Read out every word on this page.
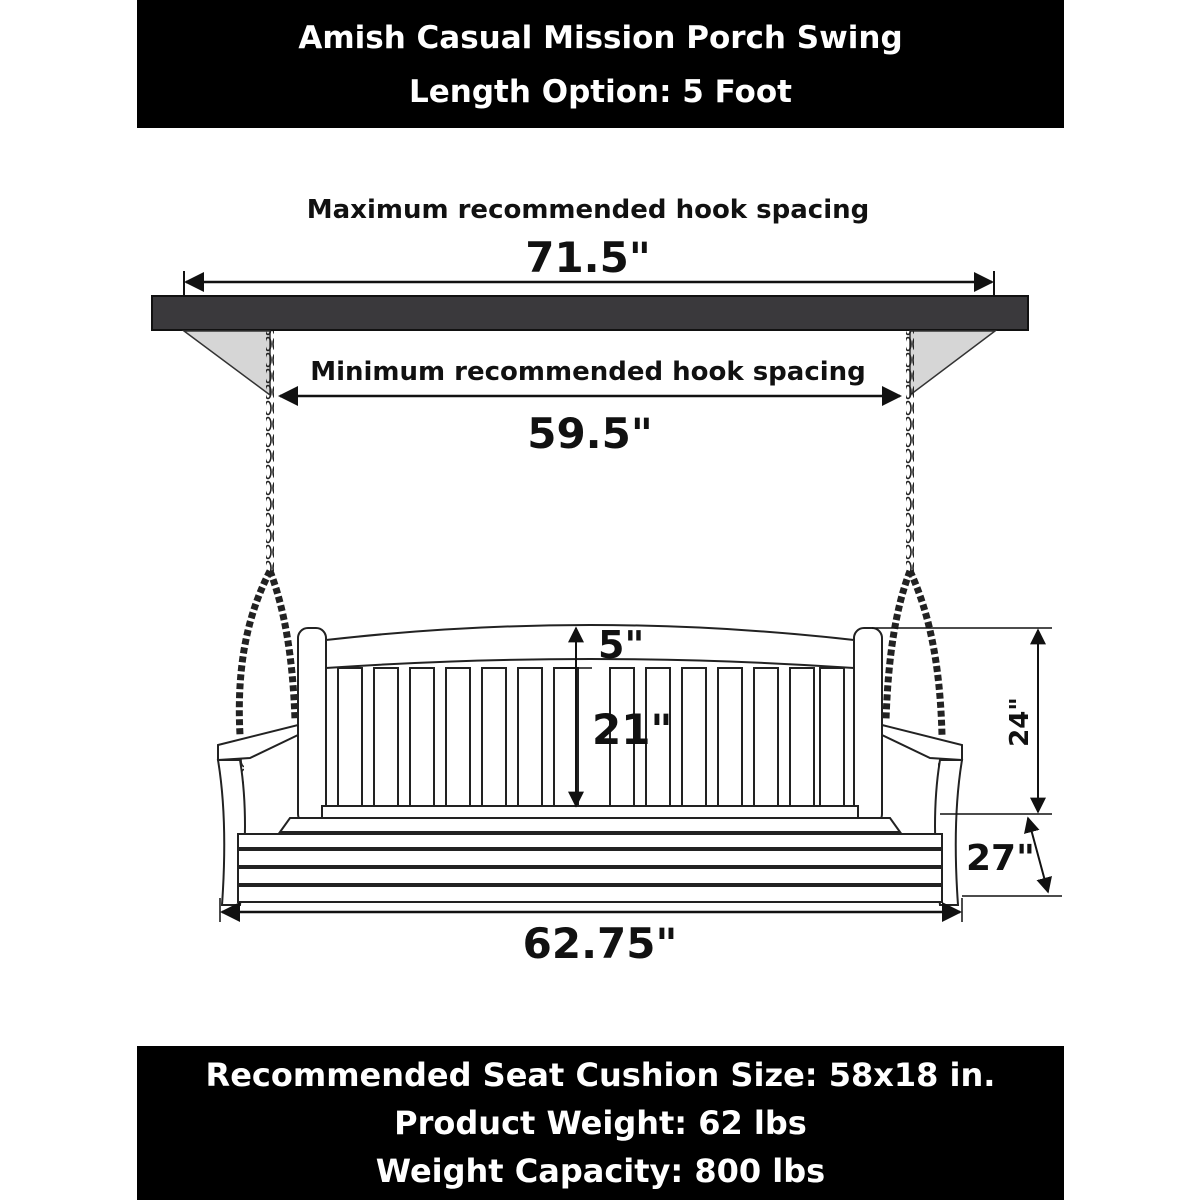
Amish Casual Mission Porch Swing
Length Option: 5 Foot
Maximum recommended hook spacing
71.5"
Minimum recommended hook spacing
59.5"
5"
21"	24"
27"
62.75"
Recommended Seat Cushion Size: 58x18 in.
Product Weight: 62 lbs
Weight Capacity: 800 lbs
